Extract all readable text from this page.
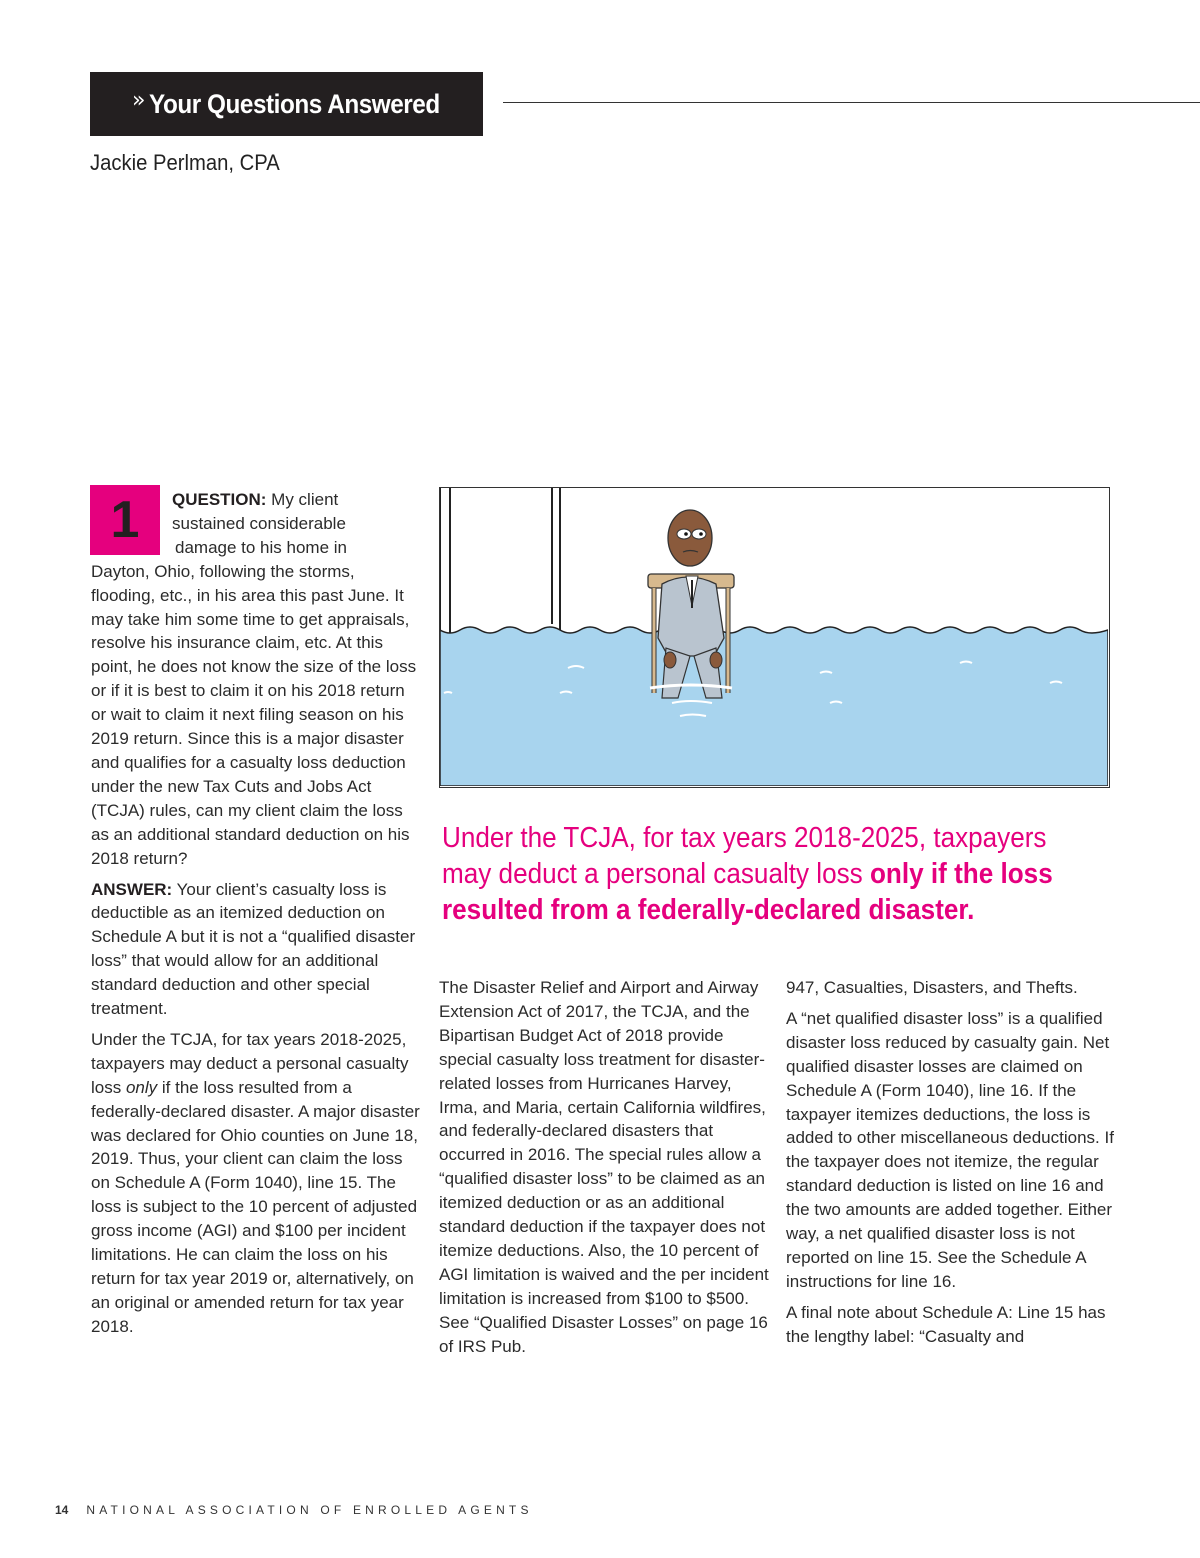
» Your Questions Answered
Jackie Perlman, CPA
1	QUESTION: My client
sustained considerable
damage to his home in
Dayton, Ohio, following the storms, flooding, etc., in his area this past June. It may take him some time to get appraisals, resolve his insurance claim, etc. At this point, he does not know the size of the loss or if it is best to claim it on his 2018 return or wait to claim it next filing season on his 2019 return. Since this is a major disaster and qualifies for a casualty loss deduction under the new Tax Cuts and Jobs Act (TCJA) rules, can my client claim the loss as an additional standard deduction on his 2018 return?

ANSWER: Your client’s casualty loss is deductible as an itemized deduction on Schedule A but it is not a “qualified disaster loss” that would allow for an additional standard deduction and other special treatment.

Under the TCJA, for tax years 2018-2025, taxpayers may deduct a personal casualty loss only if the loss resulted from a federally-declared disaster. A major disaster was declared for Ohio counties on June 18, 2019. Thus, your client can claim the loss on Schedule A (Form 1040), line 15. The loss is subject to the 10 percent of adjusted gross income (AGI) and $100 per incident limitations. He can claim the loss on his return for tax year 2019 or, alternatively, on an original or amended return for tax year 2018.

Under the TCJA, for tax years 2018-2025, taxpayers may deduct a personal casualty loss only if the loss resulted from a federally-declared disaster.

The Disaster Relief and Airport and Airway Extension Act of 2017, the TCJA, and the Bipartisan Budget Act of 2018 provide special casualty loss treatment for disaster-related losses from Hurricanes Harvey, Irma, and Maria, certain California wildfires, and federally-declared disasters that occurred in 2016. The special rules allow a “qualified disaster loss” to be claimed as an itemized deduction or as an additional standard deduction if the taxpayer does not itemize deductions. Also, the 10 percent of AGI limitation is waived and the per incident limitation is increased from $100 to $500. See “Qualified Disaster Losses” on page 16 of IRS Pub.

947, Casualties, Disasters, and Thefts.

A “net qualified disaster loss” is a qualified disaster loss reduced by casualty gain. Net qualified disaster losses are claimed on Schedule A (Form 1040), line 16. If the taxpayer itemizes deductions, the loss is added to other miscellaneous deductions. If the taxpayer does not itemize, the regular standard deduction is listed on line 16 and the two amounts are added together. Either way, a net qualified disaster loss is not reported on line 15. See the Schedule A instructions for line 16.

A final note about Schedule A: Line 15 has the lengthy label: “Casualty and

14 NATIONAL ASSOCIATION OF ENROLLED AGENTS
